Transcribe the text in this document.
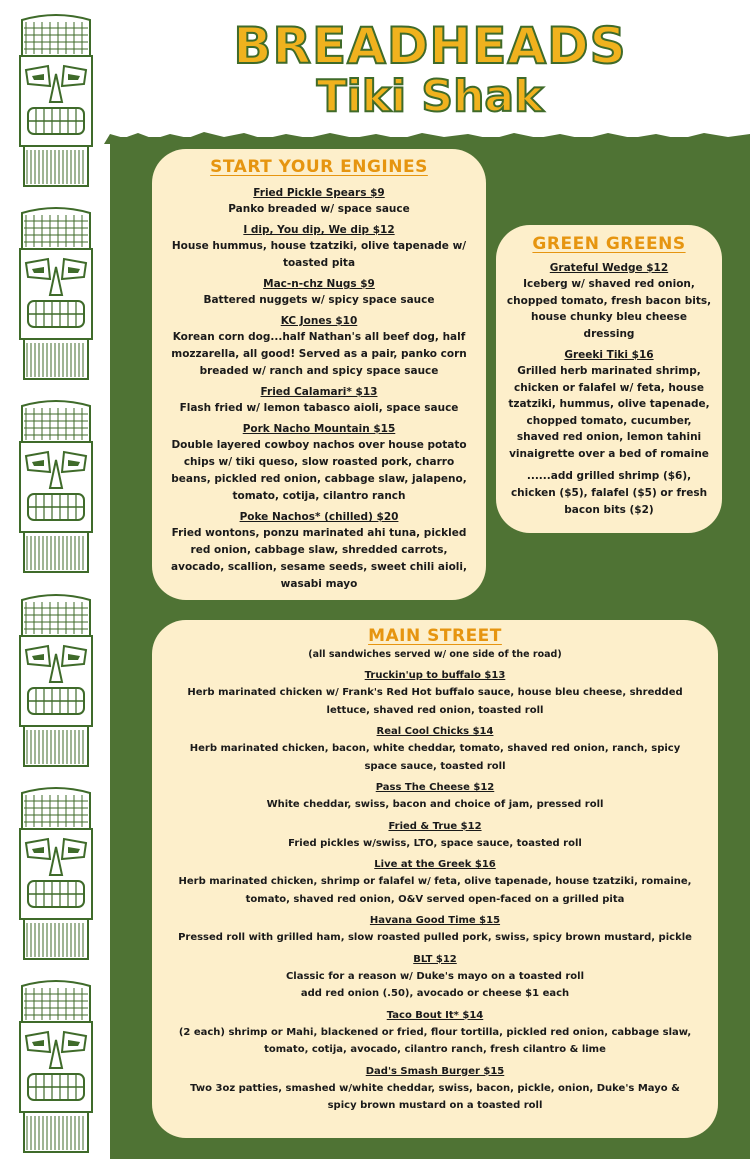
BREADHEADS
Tiki Shak
START YOUR ENGINES
Fried Pickle Spears $9
Panko breaded w/ space sauce
I dip, You dip, We dip $12
House hummus, house tzatziki, olive tapenade w/ toasted pita
Mac-n-chz Nugs $9
Battered nuggets w/ spicy space sauce
KC Jones $10
Korean corn dog...half Nathan's all beef dog, half mozzarella, all good! Served as a pair, panko corn breaded w/ ranch and spicy space sauce
Fried Calamari* $13
Flash fried w/ lemon tabasco aioli, space sauce
Pork Nacho Mountain $15
Double layered cowboy nachos over house potato chips w/ tiki queso, slow roasted pork, charro beans, pickled red onion, cabbage slaw, jalapeno, tomato, cotija, cilantro ranch
Poke Nachos* (chilled) $20
Fried wontons, ponzu marinated ahi tuna, pickled red onion, cabbage slaw, shredded carrots, avocado, scallion, sesame seeds, sweet chili aioli, wasabi mayo
GREEN GREENS
Grateful Wedge $12
Iceberg w/ shaved red onion, chopped tomato, fresh bacon bits, house chunky bleu cheese dressing
Greeki Tiki $16
Grilled herb marinated shrimp, chicken or falafel w/ feta, house tzatziki, hummus, olive tapenade, chopped tomato, cucumber, shaved red onion, lemon tahini vinaigrette over a bed of romaine
......add grilled shrimp ($6), chicken ($5), falafel ($5) or fresh bacon bits ($2)
MAIN STREET
(all sandwiches served w/ one side of the road)
Truckin'up to buffalo $13
Herb marinated chicken w/ Frank's Red Hot buffalo sauce, house bleu cheese, shredded lettuce, shaved red onion, toasted roll
Real Cool Chicks $14
Herb marinated chicken, bacon, white cheddar, tomato, shaved red onion, ranch, spicy space sauce, toasted roll
Pass The Cheese $12
White cheddar, swiss, bacon and choice of jam, pressed roll
Fried & True $12
Fried pickles w/swiss, LTO, space sauce, toasted roll
Live at the Greek $16
Herb marinated chicken, shrimp or falafel w/ feta, olive tapenade, house tzatziki, romaine, tomato, shaved red onion, O&V served open-faced on a grilled pita
Havana Good Time $15
Pressed roll with grilled ham, slow roasted pulled pork, swiss, spicy brown mustard, pickle
BLT $12
Classic for a reason w/ Duke's mayo on a toasted roll
add red onion (.50), avocado or cheese $1 each
Taco Bout It* $14
(2 each) shrimp or Mahi, blackened or fried, flour tortilla, pickled red onion, cabbage slaw, tomato, cotija, avocado, cilantro ranch, fresh cilantro & lime
Dad's Smash Burger $15
Two 3oz patties, smashed w/white cheddar, swiss, bacon, pickle, onion, Duke's Mayo & spicy brown mustard on a toasted roll
